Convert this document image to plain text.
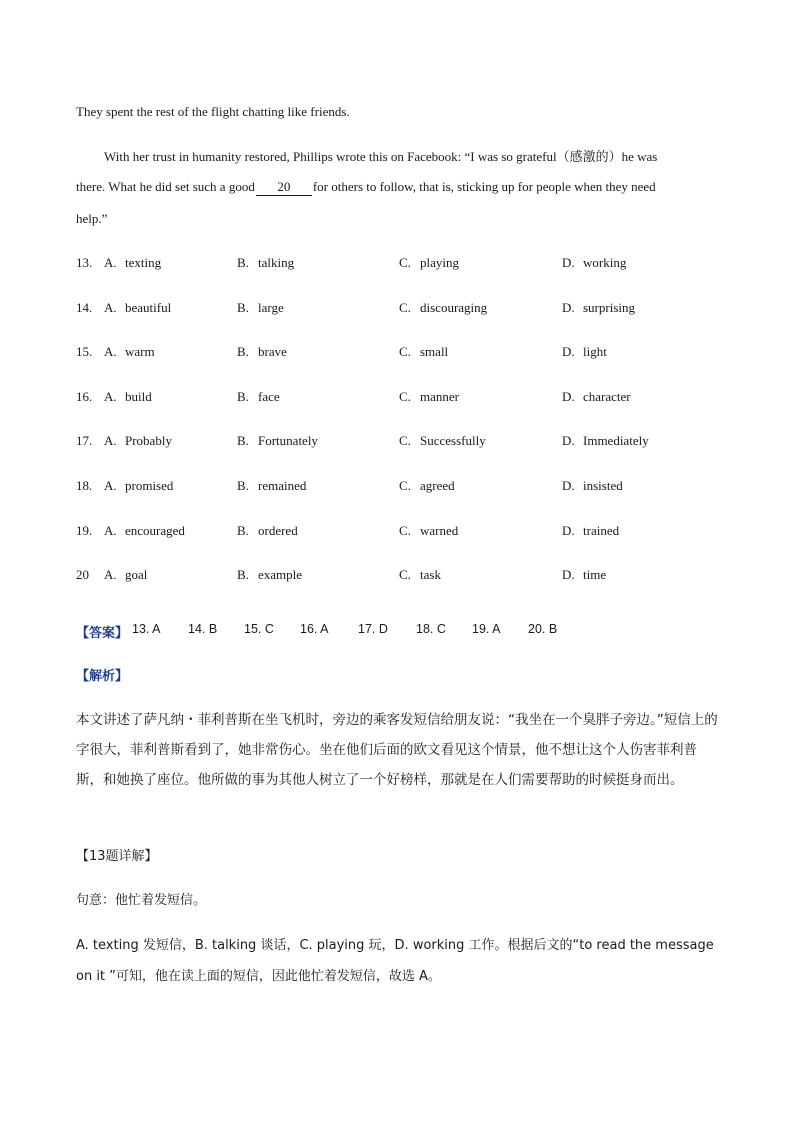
They spent the rest of the flight chatting like friends.
With her trust in humanity restored, Phillips wrote this on Facebook: “I was so grateful（感激的）he was
there. What he did set such a good 20 for others to follow, that is, sticking up for people when they need
help.”
13. A. texting	B. talking	C. playing	D. working
14. A. beautiful	B. large	C. discouraging	D. surprising
15. A. warm	B. brave	C. small	D. light
16. A. build	B. face	C. manner	D. character
17. A. Probably	B. Fortunately	C. Successfully	D. Immediately
18. A. promised	B. remained	C. agreed	D. insisted
19. A. encouraged	B. ordered	C. warned	D. trained
20 A. goal	B. example	C. task	D. time
【答案】 13. A 14. B 15. C 16. A 17. D 18. C 19. A 20. B
【解析】
本文讲述了萨凡纳・菲利普斯在坐飞机时，旁边的乘客发短信给朋友说：“我坐在一个臭胖子旁边。”短信上的字很大，菲利普斯看到了，她非常伤心。坐在他们后面的欧文看见这个情景，他不想让这个人伤害菲利普斯，和她换了座位。他所做的事为其他人树立了一个好榜样，那就是在人们需要帮助的时候挺身而出。
【13题详解】
句意：他忙着发短信。
A. texting 发短信，B. talking 谈话，C. playing 玩，D. working 工作。根据后文的“to read the message
on it ”可知，他在读上面的短信，因此他忙着发短信，故选 A。
